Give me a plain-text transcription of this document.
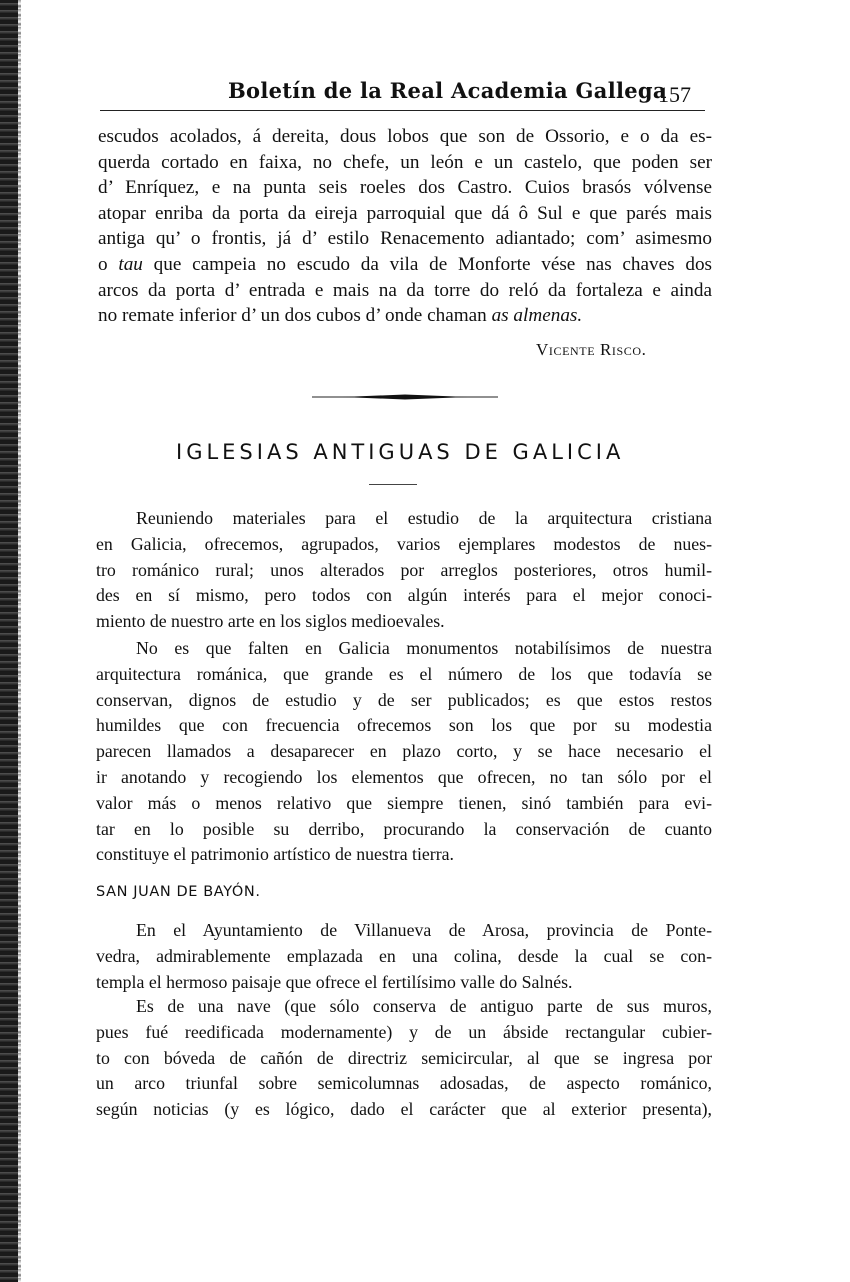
Boletín de la Real Academia Gallega
157
escudos acolados, á dereita, dous lobos que son de Ossorio, e o da es-
querda cortado en faixa, no chefe, un león e un castelo, que poden ser
d’ Enríquez, e na punta seis roeles dos Castro. Cuios brasós vólvense
atopar enriba da porta da eireja parroquial que dá ô Sul e que parés mais
antiga qu’ o frontis, já d’ estilo Renacemento adiantado; com’ asimesmo
o tau que campeia no escudo da vila de Monforte vése nas chaves dos
arcos da porta d’ entrada e mais na da torre do reló da fortaleza e ainda
no remate inferior d’ un dos cubos d’ onde chaman as almenas.
Vicente Risco.
IGLESIAS ANTIGUAS DE GALICIA
Reuniendo materiales para el estudio de la arquitectura cristiana
en Galicia, ofrecemos, agrupados, varios ejemplares modestos de nues-
tro románico rural; unos alterados por arreglos posteriores, otros humil-
des en sí mismo, pero todos con algún interés para el mejor conoci-
miento de nuestro arte en los siglos medioevales.
No es que falten en Galicia monumentos notabilísimos de nuestra
arquitectura románica, que grande es el número de los que todavía se
conservan, dignos de estudio y de ser publicados; es que estos restos
humildes que con frecuencia ofrecemos son los que por su modestia
parecen llamados a desaparecer en plazo corto, y se hace necesario el
ir anotando y recogiendo los elementos que ofrecen, no tan sólo por el
valor más o menos relativo que siempre tienen, sinó también para evi-
tar en lo posible su derribo, procurando la conservación de cuanto
constituye el patrimonio artístico de nuestra tierra.
SAN JUAN DE BAYÓN.
En el Ayuntamiento de Villanueva de Arosa, provincia de Ponte-
vedra, admirablemente emplazada en una colina, desde la cual se con-
templa el hermoso paisaje que ofrece el fertilísimo valle do Salnés.
Es de una nave (que sólo conserva de antiguo parte de sus muros,
pues fué reedificada modernamente) y de un ábside rectangular cubier-
to con bóveda de cañón de directriz semicircular, al que se ingresa por
un arco triunfal sobre semicolumnas adosadas, de aspecto románico,
según noticias (y es lógico, dado el carácter que al exterior presenta),
